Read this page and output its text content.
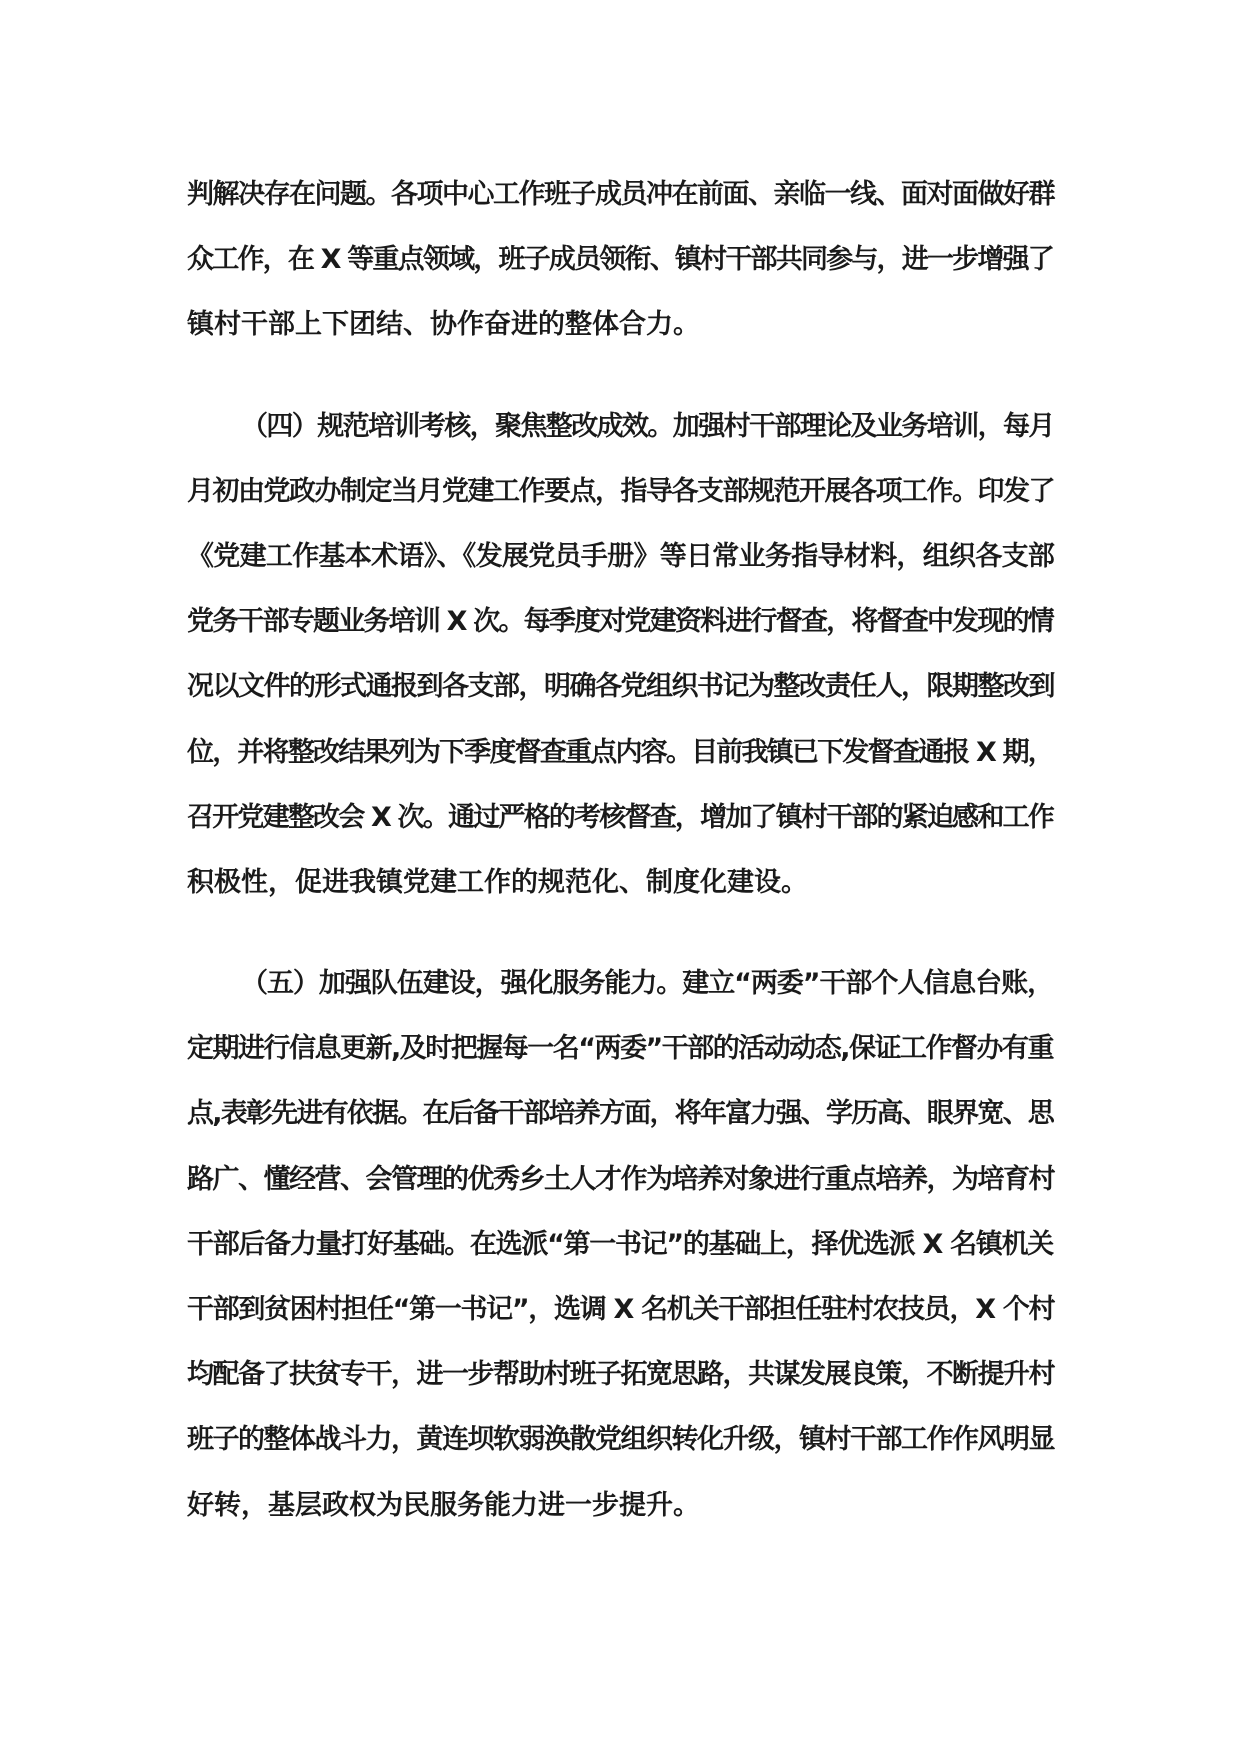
判解决存在问题。各项中心工作班子成员冲在前面、亲临一线、面对面做好群
众工作，在 X 等重点领域，班子成员领衔、镇村干部共同参与，进一步增强了
镇村干部上下团结、协作奋进的整体合力。
（四）规范培训考核，聚焦整改成效。加强村干部理论及业务培训，每月
月初由党政办制定当月党建工作要点，指导各支部规范开展各项工作。印发了
《党建工作基本术语》、《发展党员手册》等日常业务指导材料，组织各支部
党务干部专题业务培训 X 次。每季度对党建资料进行督查，将督查中发现的情
况以文件的形式通报到各支部，明确各党组织书记为整改责任人，限期整改到
位，并将整改结果列为下季度督查重点内容。目前我镇已下发督查通报 X 期，
召开党建整改会 X 次。通过严格的考核督查，增加了镇村干部的紧迫感和工作
积极性，促进我镇党建工作的规范化、制度化建设。
（五）加强队伍建设，强化服务能力。建立“两委”干部个人信息台账，
定期进行信息更新,及时把握每一名“两委”干部的活动动态,保证工作督办有重
点,表彰先进有依据。在后备干部培养方面，将年富力强、学历高、眼界宽、思
路广、懂经营、会管理的优秀乡土人才作为培养对象进行重点培养，为培育村
干部后备力量打好基础。在选派“第一书记”的基础上，择优选派 X 名镇机关
干部到贫困村担任“第一书记”，选调 X 名机关干部担任驻村农技员，X 个村
均配备了扶贫专干，进一步帮助村班子拓宽思路，共谋发展良策，不断提升村
班子的整体战斗力，黄连坝软弱涣散党组织转化升级，镇村干部工作作风明显
好转，基层政权为民服务能力进一步提升。
